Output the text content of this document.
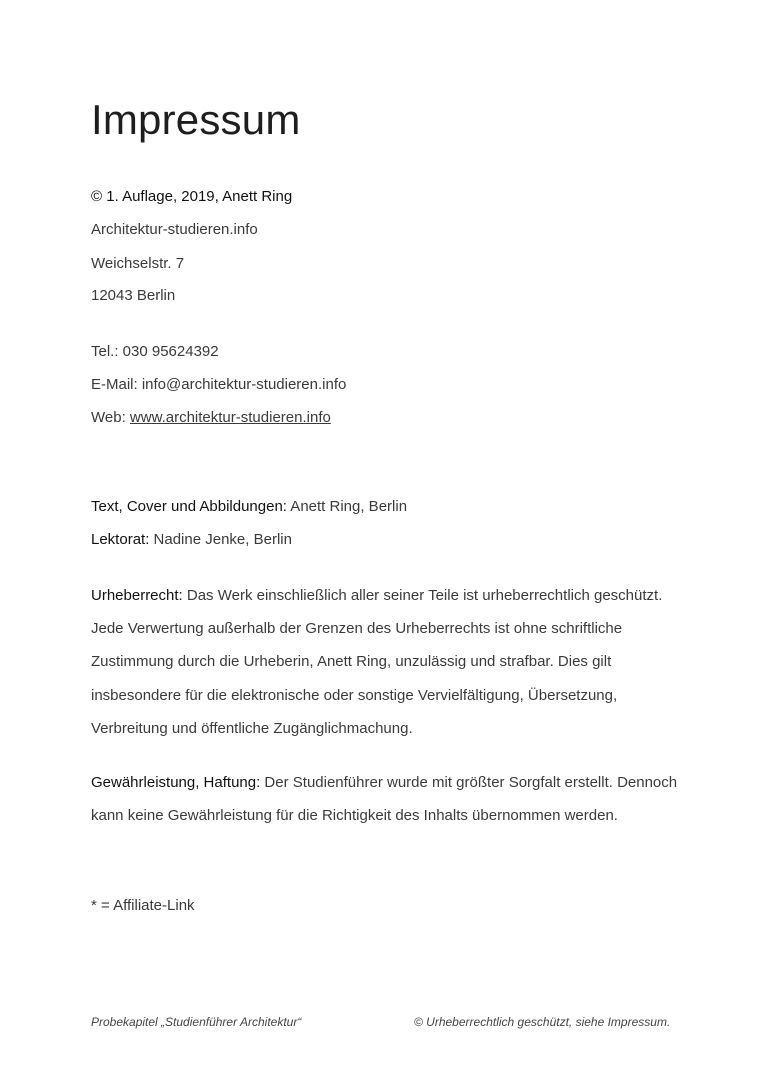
Impressum
© 1. Auflage, 2019, Anett Ring
Architektur-studieren.info
Weichselstr. 7
12043 Berlin
Tel.: 030 95624392
E-Mail: info@architektur-studieren.info
Web: www.architektur-studieren.info
Text, Cover und Abbildungen: Anett Ring, Berlin
Lektorat: Nadine Jenke, Berlin
Urheberrecht: Das Werk einschließlich aller seiner Teile ist urheberrechtlich geschützt. Jede Verwertung außerhalb der Grenzen des Urheberrechts ist ohne schriftliche Zustimmung durch die Urheberin, Anett Ring, unzulässig und strafbar. Dies gilt insbesondere für die elektronische oder sonstige Vervielfältigung, Übersetzung, Verbreitung und öffentliche Zugänglichmachung.
Gewährleistung, Haftung: Der Studienführer wurde mit größter Sorgfalt erstellt. Dennoch kann keine Gewährleistung für die Richtigkeit des Inhalts übernommen werden.
* = Affiliate-Link
Probekapitel „Studienführer Architektur“	© Urheberrechtlich geschützt, siehe Impressum.
